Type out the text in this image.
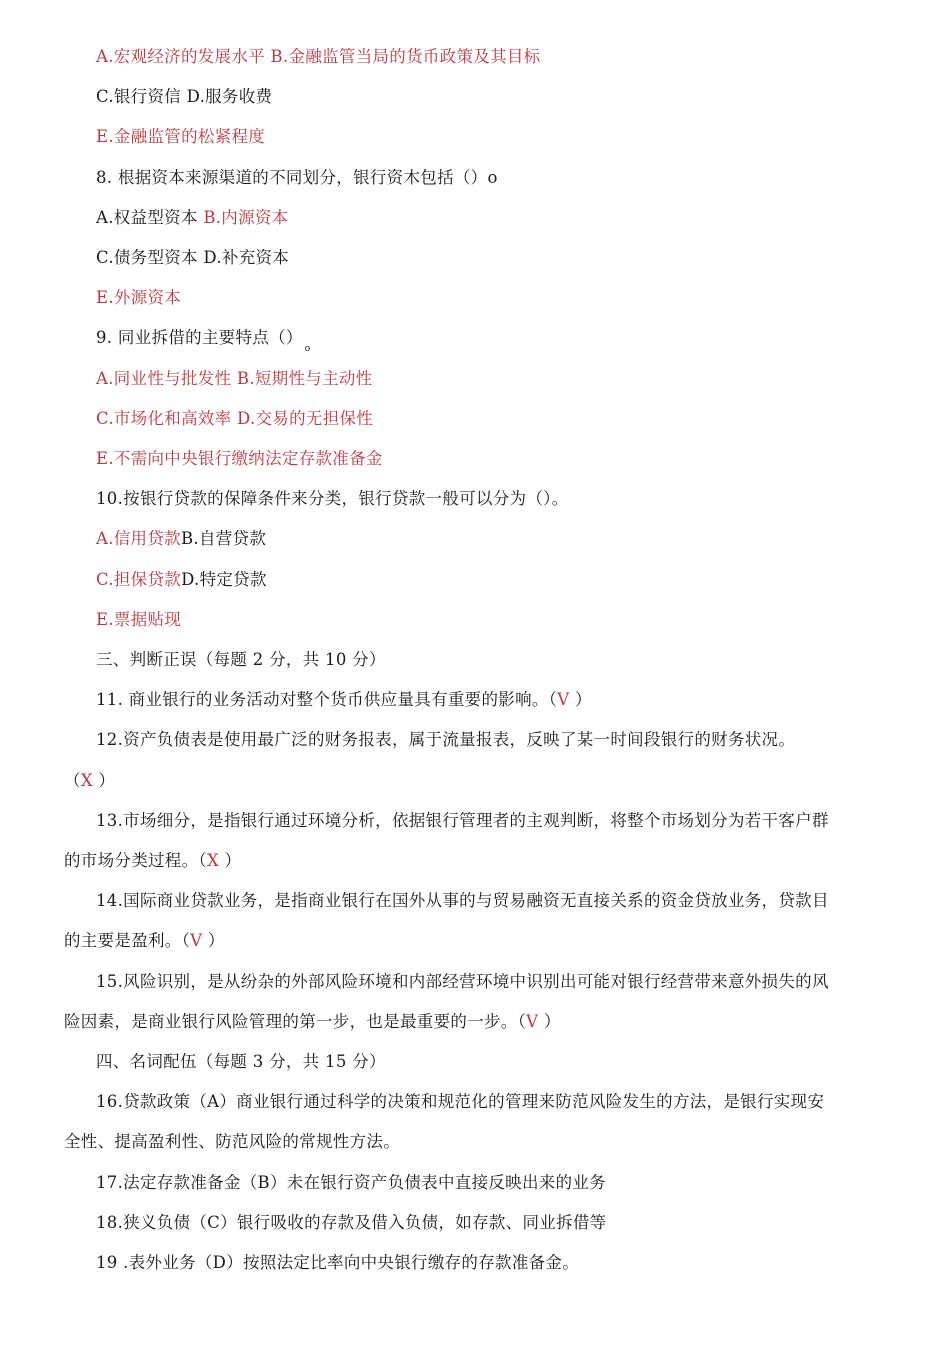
A.宏观经济的发展水平 B.金融监管当局的货币政策及其目标
C.银行资信 D.服务收费
E.金融监管的松紧程度
8. 根据资本来源渠道的不同划分，银行资木包括（）o
A.权益型资本 B.内源资本
C.债务型资本 D.补充资本
E.外源资本
9. 同业拆借的主要特点$()_o$
A.同业性与批发性 B.短期性与主动性
C.市场化和高效率 D.交易的无担保性
E.不需向中央银行缴纳法定存款准备金
10.按银行贷款的保障条件来分类，银行贷款一般可以分为（）。
A.信用贷款B.自营贷款
C.担保贷款D.特定贷款
E.票据贴现
三、判断正误（每题 2 分，共 10 分）
11. 商业银行的业务活动对整个货币供应量具有重要的影响。（V ）
12.资产负债表是使用最广泛的财务报表，属于流量报表，反映了某一时间段银行的财务状况。
（X ）
13.市场细分，是指银行通过环境分析，依据银行管理者的主观判断，将整个市场划分为若干客户群
的市场分类过程。（X ）
14.国际商业贷款业务，是指商业银行在国外从事的与贸易融资无直接关系的资金贷放业务，贷款目
的主要是盈利。（V ）
15.风险识别，是从纷杂的外部风险环境和内部经营环境中识别出可能对银行经营带来意外损失的风
险因素，是商业银行风险管理的第一步，也是最重要的一步。（V ）
四、名词配伍（每题 3 分，共 15 分）
16.贷款政策（A）商业银行通过科学的决策和规范化的管理来防范风险发生的方法，是银行实现安
全性、提高盈利性、防范风险的常规性方法。
17.法定存款准备金（B）未在银行资产负债表中直接反映出来的业务
18.狭义负债（C）银行吸收的存款及借入负债，如存款、同业拆借等
19 .表外业务（D）按照法定比率向中央银行缴存的存款准备金。
